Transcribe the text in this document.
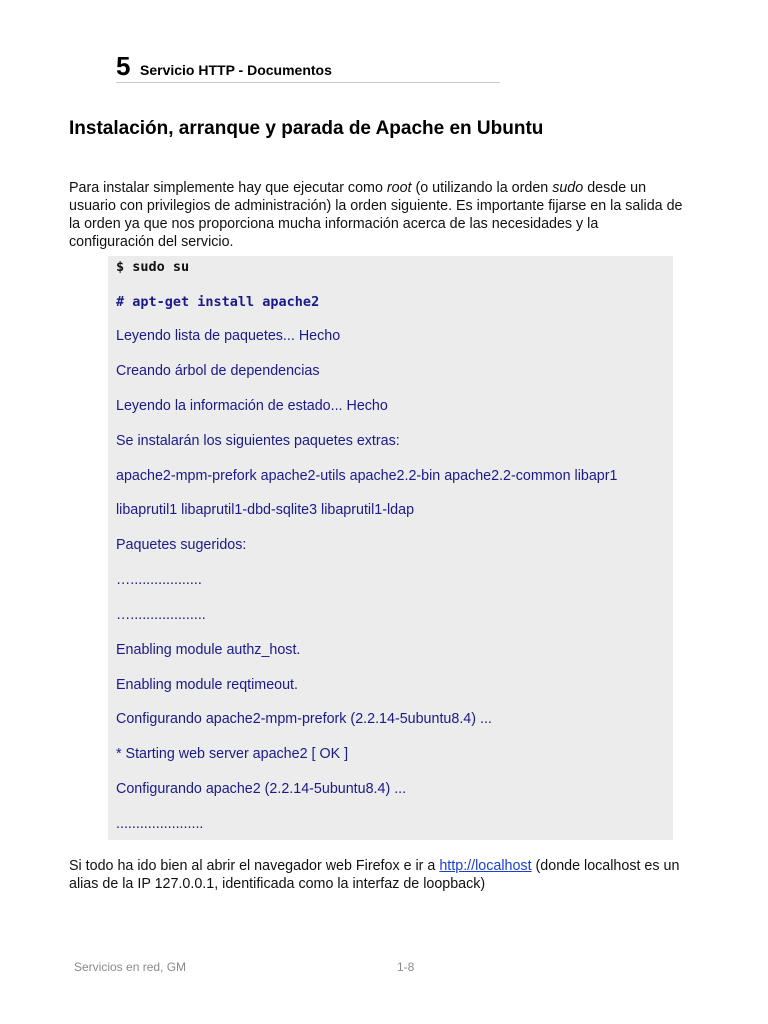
5 Servicio HTTP - Documentos
Instalación, arranque y parada de Apache en Ubuntu

Para instalar simplemente hay que ejecutar como root (o utilizando la orden sudo desde un usuario con privilegios de administración) la orden siguiente. Es importante fijarse en la salida de la orden ya que nos proporciona mucha información acerca de las necesidades y la configuración del servicio.

$ sudo su
# apt-get install apache2
Leyendo lista de paquetes... Hecho
Creando árbol de dependencias
Leyendo la información de estado... Hecho
Se instalarán los siguientes paquetes extras:
apache2-mpm-prefork apache2-utils apache2.2-bin apache2.2-common libapr1
libaprutil1 libaprutil1-dbd-sqlite3 libaprutil1-ldap
Paquetes sugeridos:
…..................
…...................
Enabling module authz_host.
Enabling module reqtimeout.
Configurando apache2-mpm-prefork (2.2.14-5ubuntu8.4) ...
* Starting web server apache2 [ OK ]
Configurando apache2 (2.2.14-5ubuntu8.4) ...
......................

Si todo ha ido bien al abrir el navegador web Firefox e ir a http://localhost (donde localhost es un alias de la IP 127.0.0.1, identificada como la interfaz de loopback)

Servicios en red, GM	1-8
